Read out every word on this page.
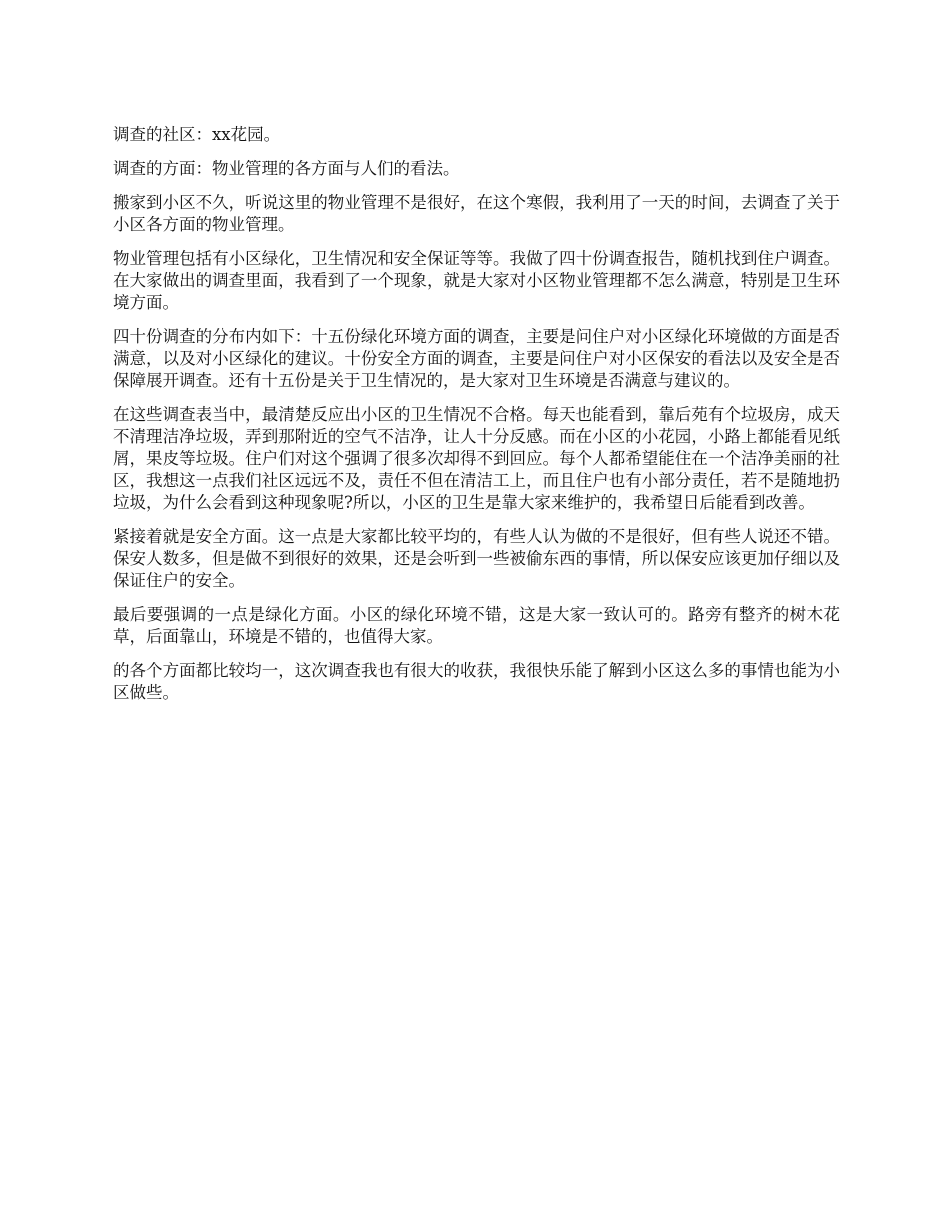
调查的社区：xx花园。

调查的方面：物业管理的各方面与人们的看法。

搬家到小区不久，听说这里的物业管理不是很好，在这个寒假，我利用了一天的时间，去调查了关于小区各方面的物业管理。

物业管理包括有小区绿化，卫生情况和安全保证等等。我做了四十份调查报告，随机找到住户调查。在大家做出的调查里面，我看到了一个现象，就是大家对小区物业管理都不怎么满意，特别是卫生环境方面。

四十份调查的分布内如下：十五份绿化环境方面的调查，主要是问住户对小区绿化环境做的方面是否满意，以及对小区绿化的建议。十份安全方面的调查，主要是问住户对小区保安的看法以及安全是否保障展开调查。还有十五份是关于卫生情况的，是大家对卫生环境是否满意与建议的。

在这些调查表当中，最清楚反应出小区的卫生情况不合格。每天也能看到，靠后苑有个垃圾房，成天不清理洁净垃圾，弄到那附近的空气不洁净，让人十分反感。而在小区的小花园，小路上都能看见纸屑，果皮等垃圾。住户们对这个强调了很多次却得不到回应。每个人都希望能住在一个洁净美丽的社区，我想这一点我们社区远远不及，责任不但在清洁工上，而且住户也有小部分责任，若不是随地扔垃圾，为什么会看到这种现象呢?所以，小区的卫生是靠大家来维护的，我希望日后能看到改善。

紧接着就是安全方面。这一点是大家都比较平均的，有些人认为做的不是很好，但有些人说还不错。保安人数多，但是做不到很好的效果，还是会听到一些被偷东西的事情，所以保安应该更加仔细以及保证住户的安全。

最后要强调的一点是绿化方面。小区的绿化环境不错，这是大家一致认可的。路旁有整齐的树木花草，后面靠山，环境是不错的，也值得大家。

的各个方面都比较均一，这次调查我也有很大的收获，我很快乐能了解到小区这么多的事情也能为小区做些。
